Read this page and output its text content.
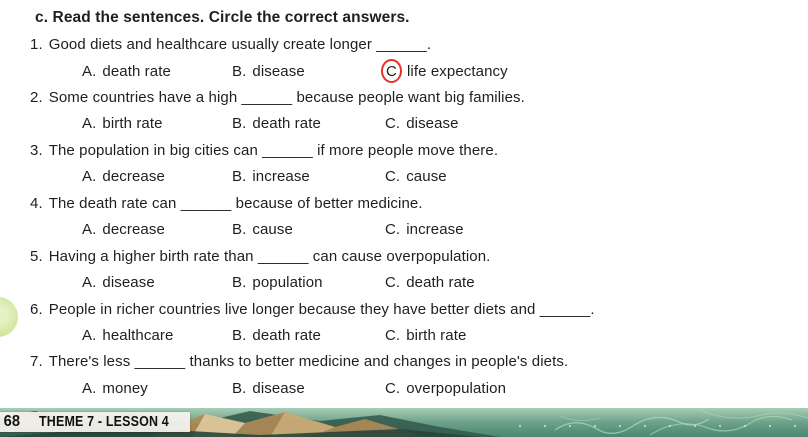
c. Read the sentences. Circle the correct answers.
1. Good diets and healthcare usually create longer ______.
A. death rate	B. disease	C life expectancy
2. Some countries have a high ______ because people want big families.
A. birth rate	B. death rate	C. disease
3. The population in big cities can ______ if more people move there.
A. decrease	B. increase	C. cause
4. The death rate can ______ because of better medicine.
A. decrease	B. cause	C. increase
5. Having a higher birth rate than ______ can cause overpopulation.
A. disease	B. population	C. death rate
6. People in richer countries live longer because they have better diets and ______.
A. healthcare	B. death rate	C. birth rate
7. There's less ______ thanks to better medicine and changes in people's diets.
A. money	B. disease	C. overpopulation
68	THEME 7 - LESSON 4
